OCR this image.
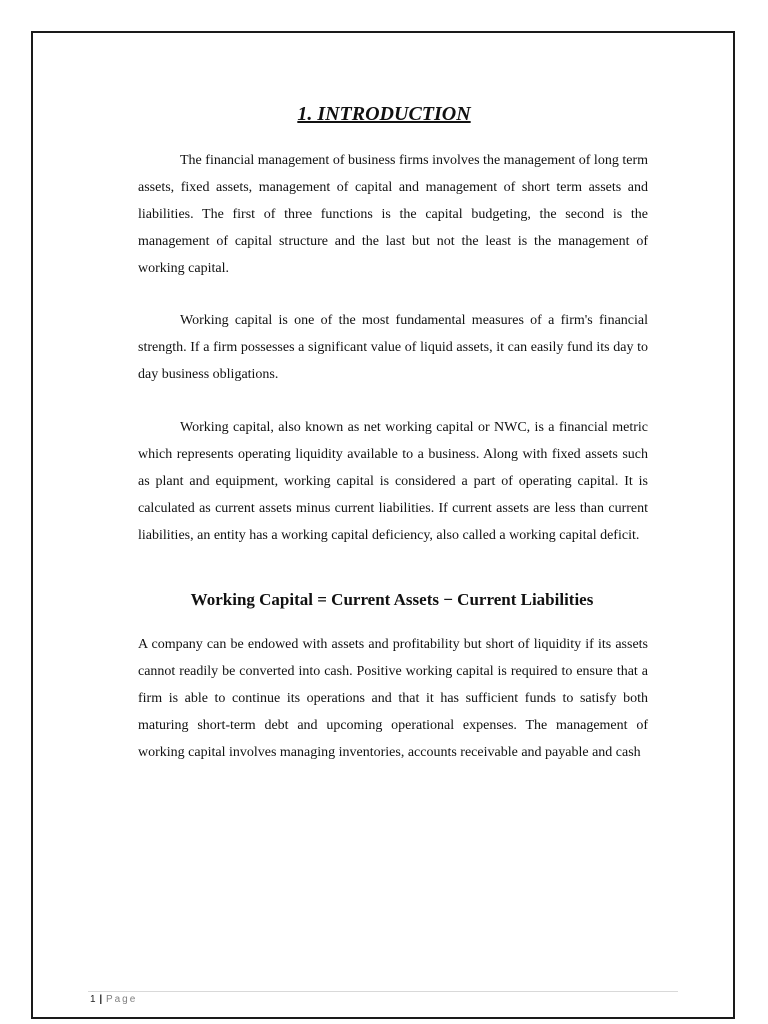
1. INTRODUCTION

The financial management of business firms involves the management of long term assets, fixed assets, management of capital and management of short term assets and liabilities. The first of three functions is the capital budgeting, the second is the management of capital structure and the last but not the least is the management of working capital.

Working capital is one of the most fundamental measures of a firm's financial strength. If a firm possesses a significant value of liquid assets, it can easily fund its day to day business obligations.

Working capital, also known as net working capital or NWC, is a financial metric which represents operating liquidity available to a business. Along with fixed assets such as plant and equipment, working capital is considered a part of operating capital. It is calculated as current assets minus current liabilities. If current assets are less than current liabilities, an entity has a working capital deficiency, also called a working capital deficit.

Working Capital = Current Assets − Current Liabilities

A company can be endowed with assets and profitability but short of liquidity if its assets cannot readily be converted into cash. Positive working capital is required to ensure that a firm is able to continue its operations and that it has sufficient funds to satisfy both maturing short-term debt and upcoming operational expenses. The management of working capital involves managing inventories, accounts receivable and payable and cash

1 | Page
